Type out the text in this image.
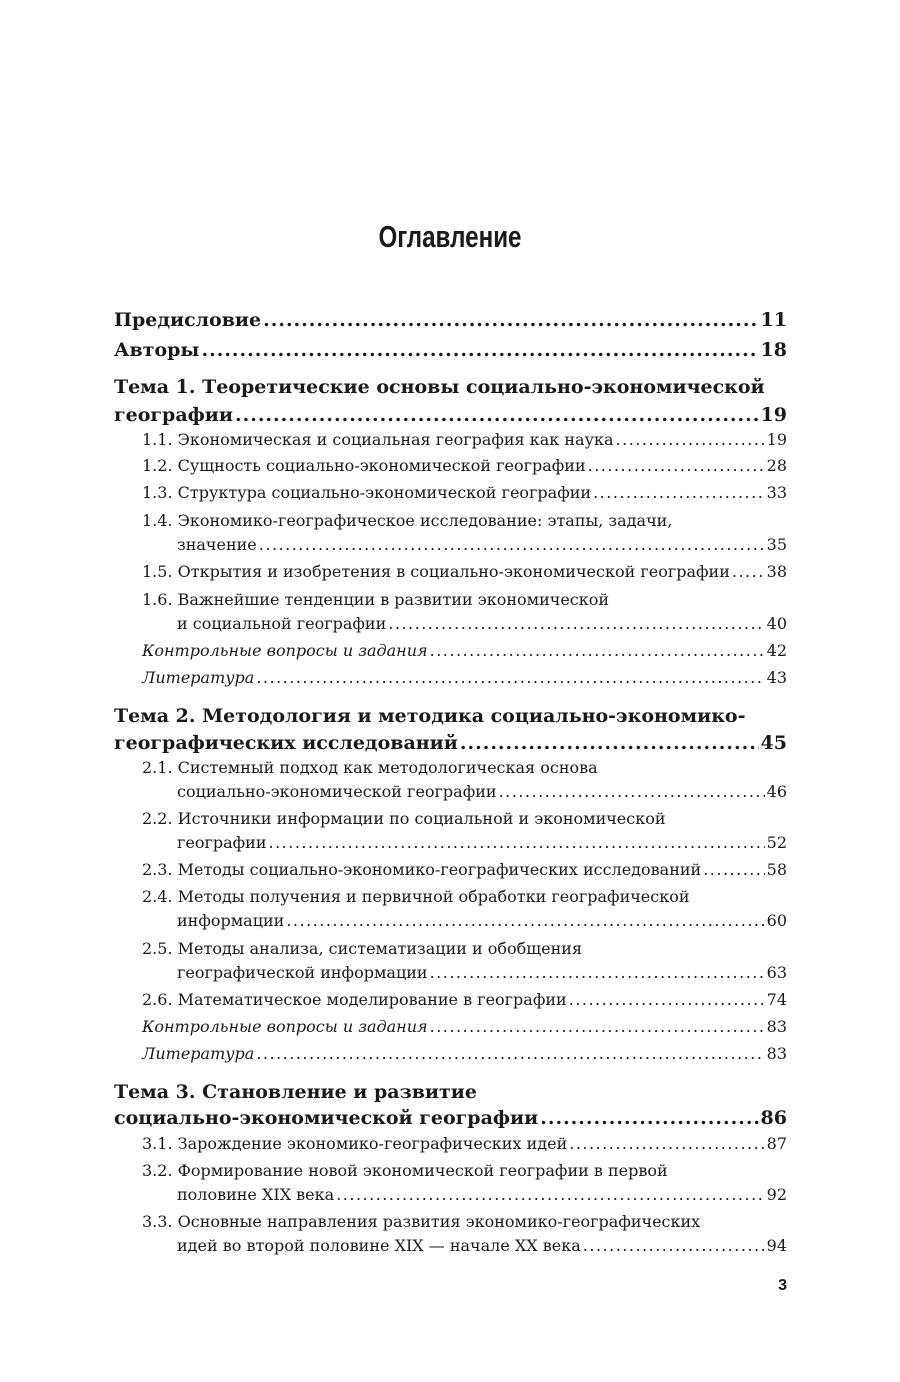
Оглавление
Предисловие .....	11
Авторы .....	18
Тема 1. Теоретические основы социально-экономической
географии .....	19
1.1. Экономическая и социальная география как наука .....	19
1.2. Сущность социально-экономической географии .....	28
1.3. Структура социально-экономической географии .....	33
1.4. Экономико-географическое исследование: этапы, задачи,
значение .....	35
1.5. Открытия и изобретения в социально-экономической географии ..... 38
1.6. Важнейшие тенденции в развитии экономической
и социальной географии .....	40
Контрольные вопросы и задания .....	42
Литература .....	43
Тема 2. Методология и методика социально-экономико-
географических исследований .....	45
2.1. Системный подход как методологическая основа
социально-экономической географии .....	46
2.2. Источники информации по социальной и экономической
географии .....	52
2.3. Методы социально-экономико-географических исследований .....	58
2.4. Методы получения и первичной обработки географической
информации .....	60
2.5. Методы анализа, систематизации и обобщения
географической информации .....	63
2.6. Математическое моделирование в географии .....	74
Контрольные вопросы и задания .....	83
Литература .....	83
Тема 3. Становление и развитие
социально-экономической географии .....	86
3.1. Зарождение экономико-географических идей .....	87
3.2. Формирование новой экономической географии в первой
половине XIX века .....	92
3.3. Основные направления развития экономико-географических
идей во второй половине XIX — начале XX века .....	94
3
